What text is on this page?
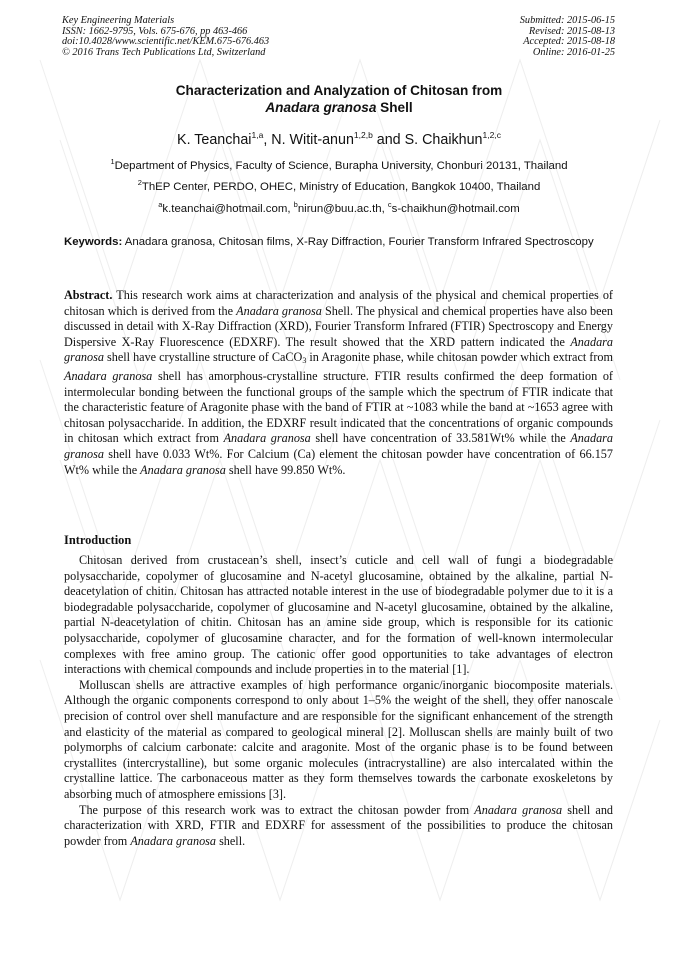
Key Engineering Materials
ISSN: 1662-9795, Vols. 675-676, pp 463-466
doi:10.4028/www.scientific.net/KEM.675-676.463
© 2016 Trans Tech Publications Ltd, Switzerland
Submitted: 2015-06-15
Revised: 2015-08-13
Accepted: 2015-08-18
Online: 2016-01-25
Characterization and Analyzation of Chitosan from
Anadara granosa Shell
K. Teanchai$^{1,a}$, N. Witit-anun$^{1,2,b}$ and S. Chaikhun$^{1,2,c}$
$^1$Department of Physics, Faculty of Science, Burapha University, Chonburi 20131, Thailand
$^2$ThEP Center, PERDO, OHEC, Ministry of Education, Bangkok 10400, Thailand
$^a$k.teanchai@hotmail.com, $^b$nirun@buu.ac.th, $^c$s-chaikhun@hotmail.com
Keywords: Anadara granosa, Chitosan films, X-Ray Diffraction, Fourier Transform Infrared Spectroscopy
Abstract. This research work aims at characterization and analysis of the physical and chemical properties of chitosan which is derived from the Anadara granosa Shell. The physical and chemical properties have also been discussed in detail with X-Ray Diffraction (XRD), Fourier Transform Infrared (FTIR) Spectroscopy and Energy Dispersive X-Ray Fluorescence (EDXRF). The result showed that the XRD pattern indicated the Anadara granosa shell have crystalline structure of CaCO$_3$ in Aragonite phase, while chitosan powder which extract from Anadara granosa shell has amorphous-crystalline structure. FTIR results confirmed the deep formation of intermolecular bonding between the functional groups of the sample which the spectrum of FTIR indicate that the characteristic feature of Aragonite phase with the band of FTIR at ~1083 while the band at ~1653 agree with chitosan polysaccharide. In addition, the EDXRF result indicated that the concentrations of organic compounds in chitosan which extract from Anadara granosa shell have concentration of 33.581Wt% while the Anadara granosa shell have 0.033 Wt%. For Calcium (Ca) element the chitosan powder have concentration of 66.157 Wt% while the Anadara granosa shell have 99.850 Wt%.
Introduction

Chitosan derived from crustacean’s shell, insect’s cuticle and cell wall of fungi a biodegradable polysaccharide, copolymer of glucosamine and N-acetyl glucosamine, obtained by the alkaline, partial N-deacetylation of chitin. Chitosan has attracted notable interest in the use of biodegradable polymer due to it is a biodegradable polysaccharide, copolymer of glucosamine and N-acetyl glucosamine, obtained by the alkaline, partial N-deacetylation of chitin. Chitosan has an amine side group, which is responsible for its cationic polysaccharide, copolymer of glucosamine character, and for the formation of well-known intermolecular complexes with free amino group. The cationic offer good opportunities to take advantages of electron interactions with chemical compounds and include properties in to the material [1].

Molluscan shells are attractive examples of high performance organic/inorganic biocomposite materials. Although the organic components correspond to only about 1–5% the weight of the shell, they offer nanoscale precision of control over shell manufacture and are responsible for the significant enhancement of the strength and elasticity of the material as compared to geological mineral [2]. Molluscan shells are mainly built of two polymorphs of calcium carbonate: calcite and aragonite. Most of the organic phase is to be found between crystallites (intercrystalline), but some organic molecules (intracrystalline) are also intercalated within the crystalline lattice. The carbonaceous matter as they form themselves towards the carbonate exoskeletons by absorbing much of atmosphere emissions [3].

The purpose of this research work was to extract the chitosan powder from Anadara granosa shell and characterization with XRD, FTIR and EDXRF for assessment of the possibilities to produce the chitosan powder from Anadara granosa shell.
